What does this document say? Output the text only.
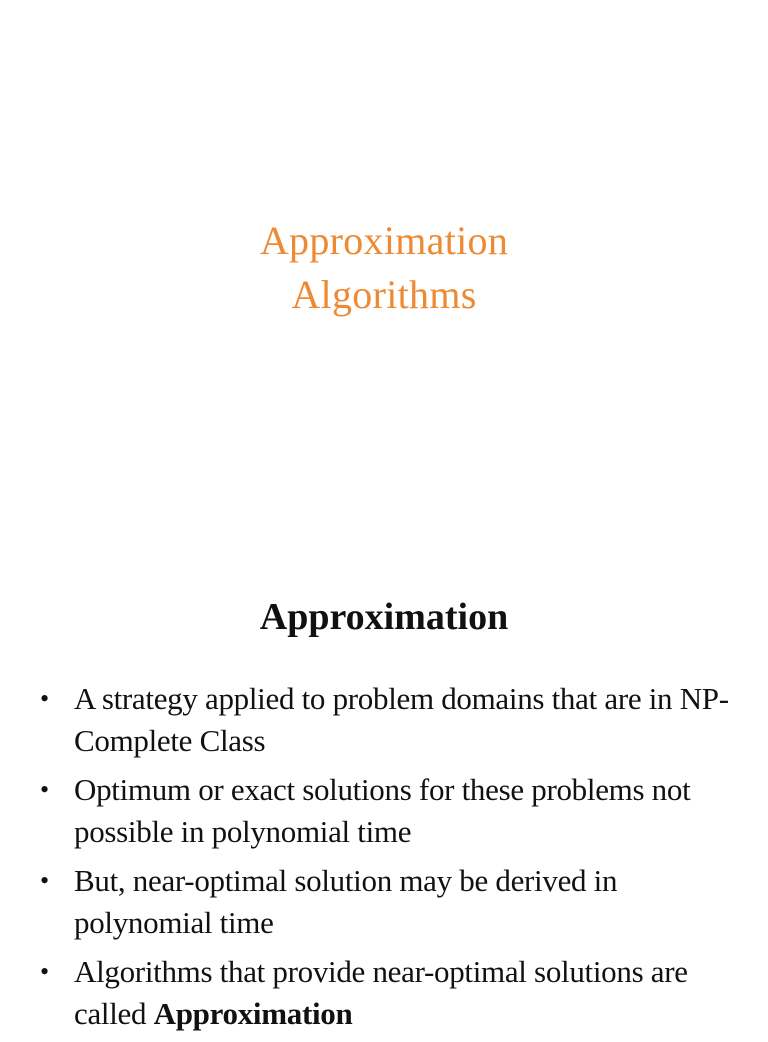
Approximation
Algorithms
Approximation
• A strategy applied to problem domains that are in NP-Complete Class
• Optimum or exact solutions for these problems not possible in polynomial time
• But, near-optimal solution may be derived in polynomial time
• Algorithms that provide near-optimal solutions are called Approximation
